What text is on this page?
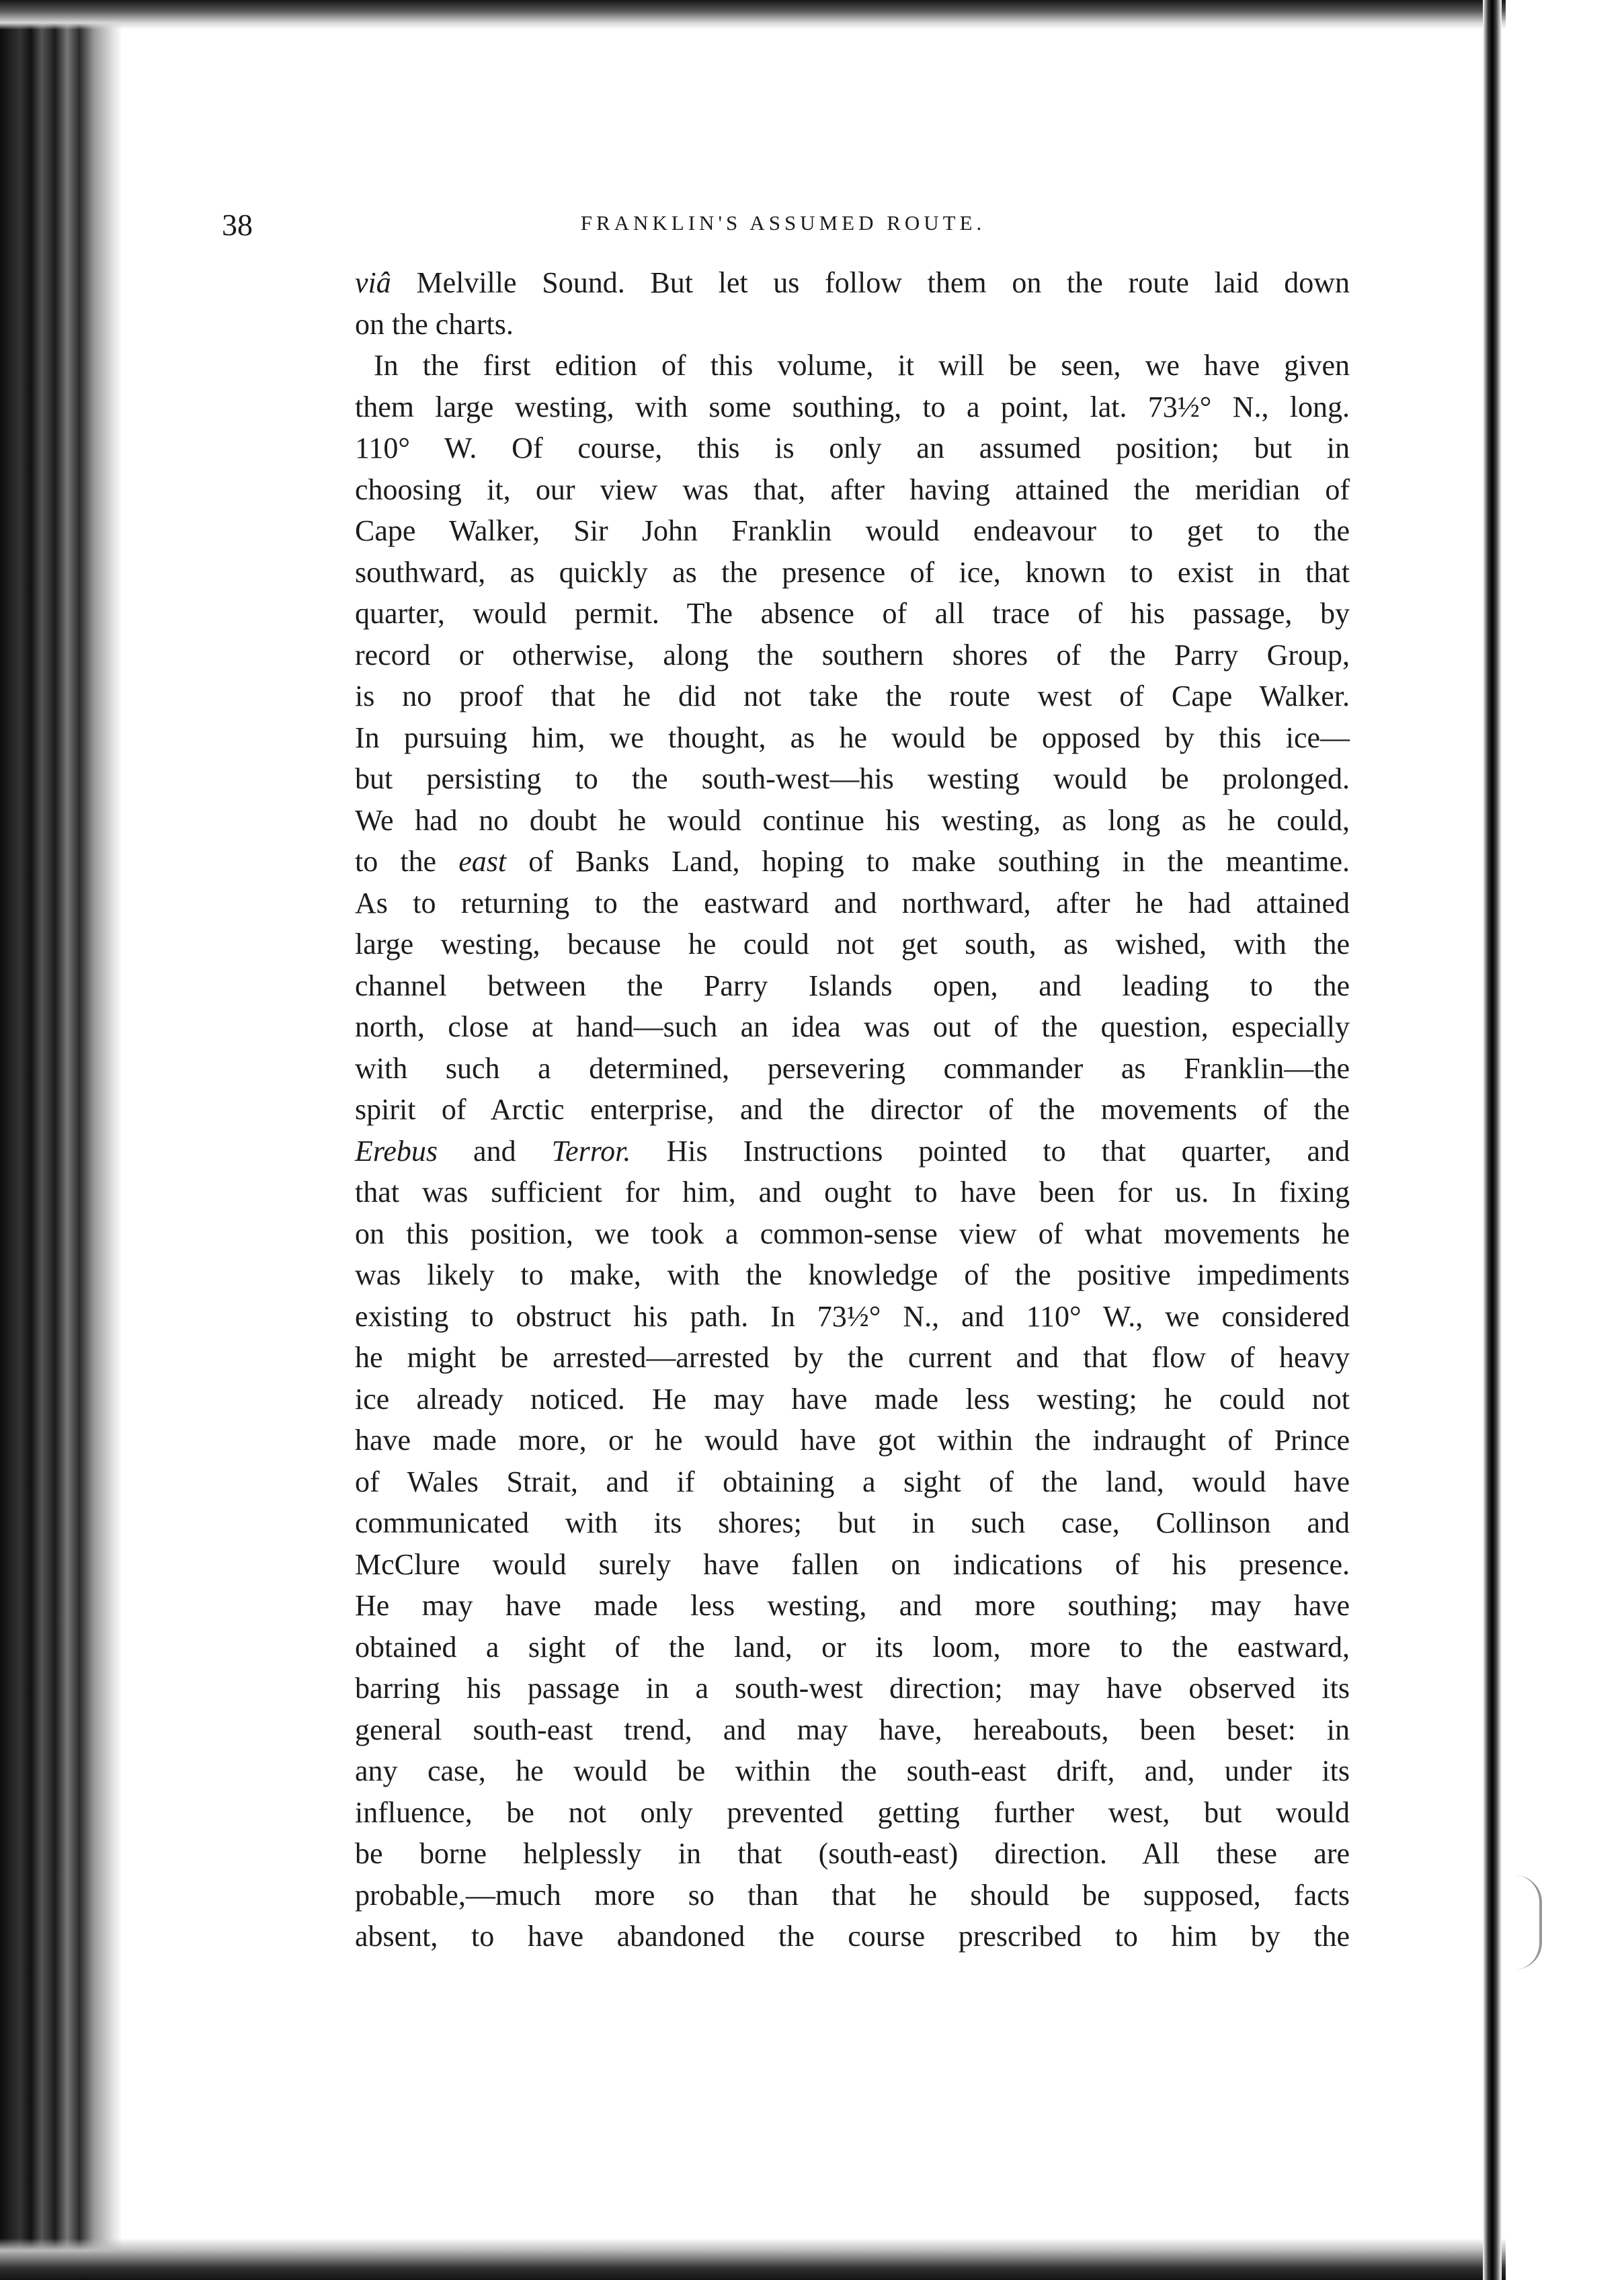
38	FRANKLIN'S ASSUMED ROUTE.

viâ Melville Sound. But let us follow them on the route laid down

on the charts.

In the first edition of this volume, it will be seen, we have given

them large westing, with some southing, to a point, lat. 73½° N., long.

110° W. Of course, this is only an assumed position; but in

choosing it, our view was that, after having attained the meridian of

Cape Walker, Sir John Franklin would endeavour to get to the

southward, as quickly as the presence of ice, known to exist in that

quarter, would permit. The absence of all trace of his passage, by

record or otherwise, along the southern shores of the Parry Group,

is no proof that he did not take the route west of Cape Walker.

In pursuing him, we thought, as he would be opposed by this ice—

but persisting to the south-west—his westing would be prolonged.

We had no doubt he would continue his westing, as long as he could,

to the east of Banks Land, hoping to make southing in the meantime.

As to returning to the eastward and northward, after he had attained

large westing, because he could not get south, as wished, with the

channel between the Parry Islands open, and leading to the

north, close at hand—such an idea was out of the question, especially

with such a determined, persevering commander as Franklin—the

spirit of Arctic enterprise, and the director of the movements of the

Erebus and Terror. His Instructions pointed to that quarter, and

that was sufficient for him, and ought to have been for us. In fixing

on this position, we took a common-sense view of what movements he

was likely to make, with the knowledge of the positive impediments

existing to obstruct his path. In 73½° N., and 110° W., we considered

he might be arrested—arrested by the current and that flow of heavy

ice already noticed. He may have made less westing; he could not

have made more, or he would have got within the indraught of Prince

of Wales Strait, and if obtaining a sight of the land, would have

communicated with its shores; but in such case, Collinson and

McClure would surely have fallen on indications of his presence.

He may have made less westing, and more southing; may have

obtained a sight of the land, or its loom, more to the eastward,

barring his passage in a south-west direction; may have observed its

general south-east trend, and may have, hereabouts, been beset: in

any case, he would be within the south-east drift, and, under its

influence, be not only prevented getting further west, but would

be borne helplessly in that (south-east) direction. All these are

probable,—much more so than that he should be supposed, facts

absent, to have abandoned the course prescribed to him by the
